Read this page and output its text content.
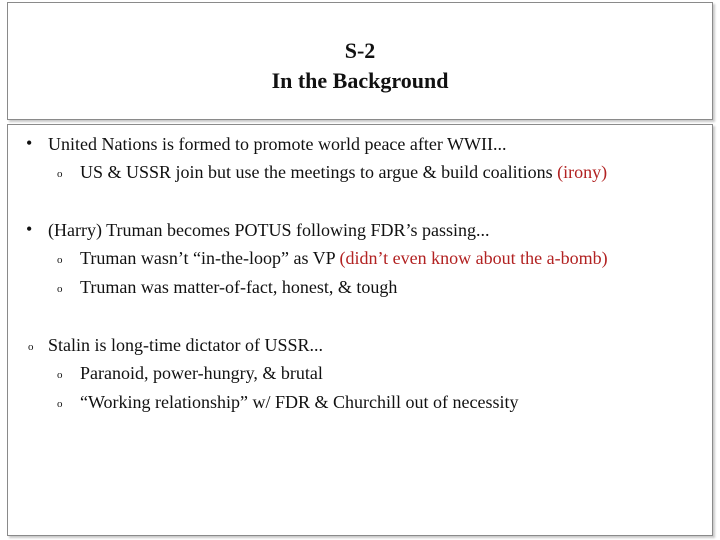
S-2
In the Background
• United Nations is formed to promote world peace after WWII...
o US & USSR join but use the meetings to argue & build coalitions (irony)
• (Harry) Truman becomes POTUS following FDR’s passing...
o Truman wasn’t “in-the-loop” as VP (didn’t even know about the a-bomb)
o Truman was matter-of-fact, honest, & tough
o Stalin is long-time dictator of USSR...
o Paranoid, power-hungry, & brutal
o “Working relationship” w/ FDR & Churchill out of necessity
